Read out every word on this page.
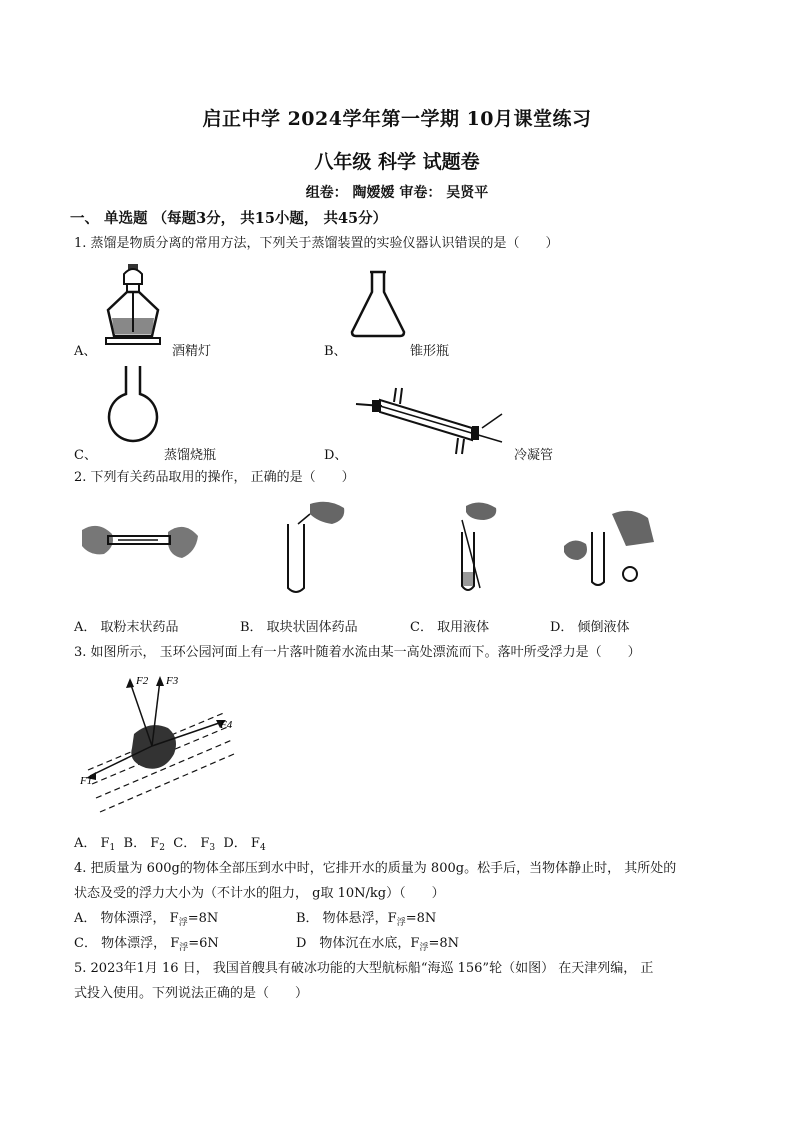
启正中学 2024学年第一学期 10月课堂练习
八年级 科学 试题卷
组卷： 陶嫒嫒 审卷： 吴贤平
一、 单选题 （每题3分， 共15小题， 共45分）
1. 蒸馏是物质分离的常用方法，下列关于蒸馏装置的实验仪器认识错误的是（　　）
A、	酒精灯	B、	锥形瓶
C、	蒸馏烧瓶	D、	冷凝管
2. 下列有关药品取用的操作， 正确的是（　　）
A． 取粉末状药品	B． 取块状固体药品	C． 取用液体	D． 倾倒液体
3. 如图所示， 玉环公园河面上有一片落叶随着水流由某一高处漂流而下。落叶所受浮力是（　　）
F2 F3
F4
F1
A． $F_1$ B． $F_2$ C． $F_3$ D． $F_4$
4. 把质量为 600g的物体全部压到水中时，它排开水的质量为 800g。松手后，当物体静止时， 其所处的
状态及受的浮力大小为（不计水的阻力， g取 10N/kg）（　　）
A． 物体漂浮， $F_浮=8N$	B． 物体悬浮，$F_浮=8N$
C． 物体漂浮， $F_浮=6N$	D　物体沉在水底，$F_浮=8N$
5. 2023年1月 16 日， 我国首艘具有破冰功能的大型航标船“海巡 156”轮（如图） 在天津列编， 正
式投入使用。下列说法正确的是（　　）
